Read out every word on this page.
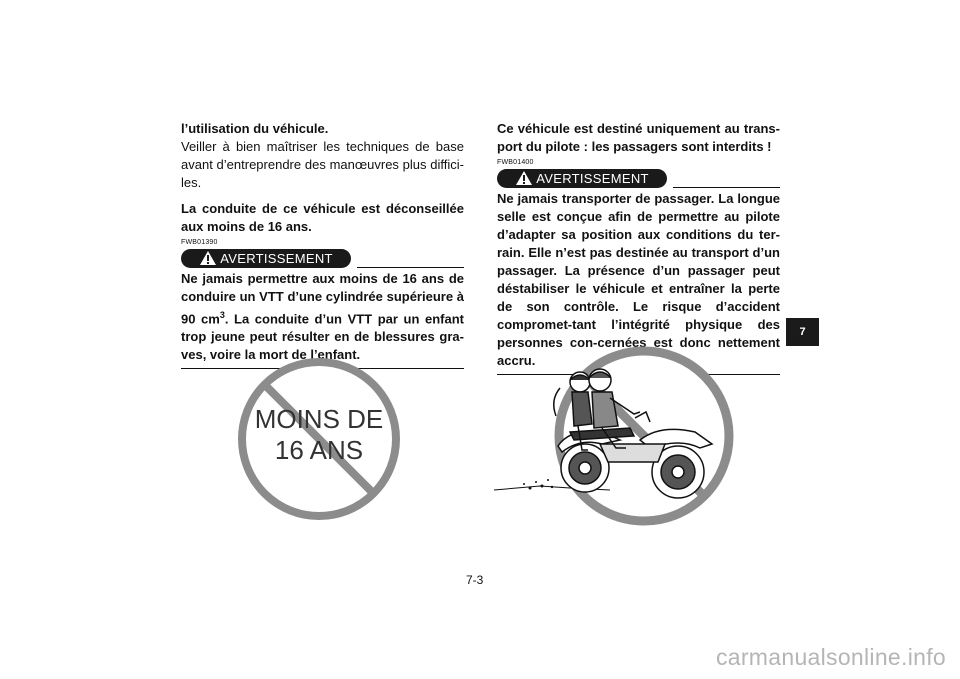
l’utilisation du véhicule.

Veiller à bien maîtriser les techniques de base avant d’entreprendre des manœuvres plus diffici-les.

La conduite de ce véhicule est déconseillée aux moins de 16 ans.

FWB01390

AVERTISSEMENT

Ne jamais permettre aux moins de 16 ans de conduire un VTT d’une cylindrée supérieure à 90 $cm^3$. La conduite d’un VTT par un enfant trop jeune peut résulter en de blessures gra-ves, voire la mort de l’enfant.

Ce véhicule est destiné uniquement au trans-port du pilote : les passagers sont interdits !

FWB01400

AVERTISSEMENT

Ne jamais transporter de passager. La longue selle est conçue afin de permettre au pilote d’adapter sa position aux conditions du ter-rain. Elle n’est pas destinée au transport d’un passager. La présence d’un passager peut déstabiliser le véhicule et entraîner la perte de son contrôle. Le risque d’accident compromet-tant l’intégrité physique des personnes con-cernées est donc nettement accru.

MOINS DE
16 ANS
7
7-3
carmanualsonline.info
